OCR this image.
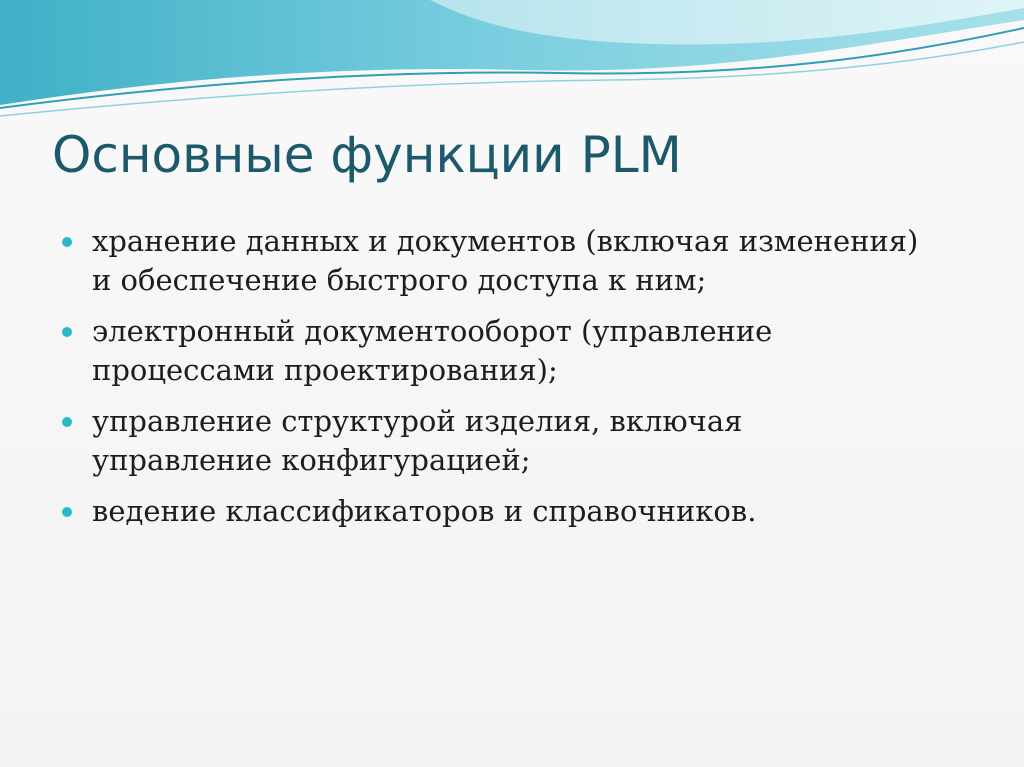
Основные функции PLM
хранение данных и документов (включая изменения) и обеспечение быстрого доступа к ним;
электронный документооборот (управление процессами проектирования);
управление структурой изделия, включая управление конфигурацией;
ведение классификаторов и справочников.
